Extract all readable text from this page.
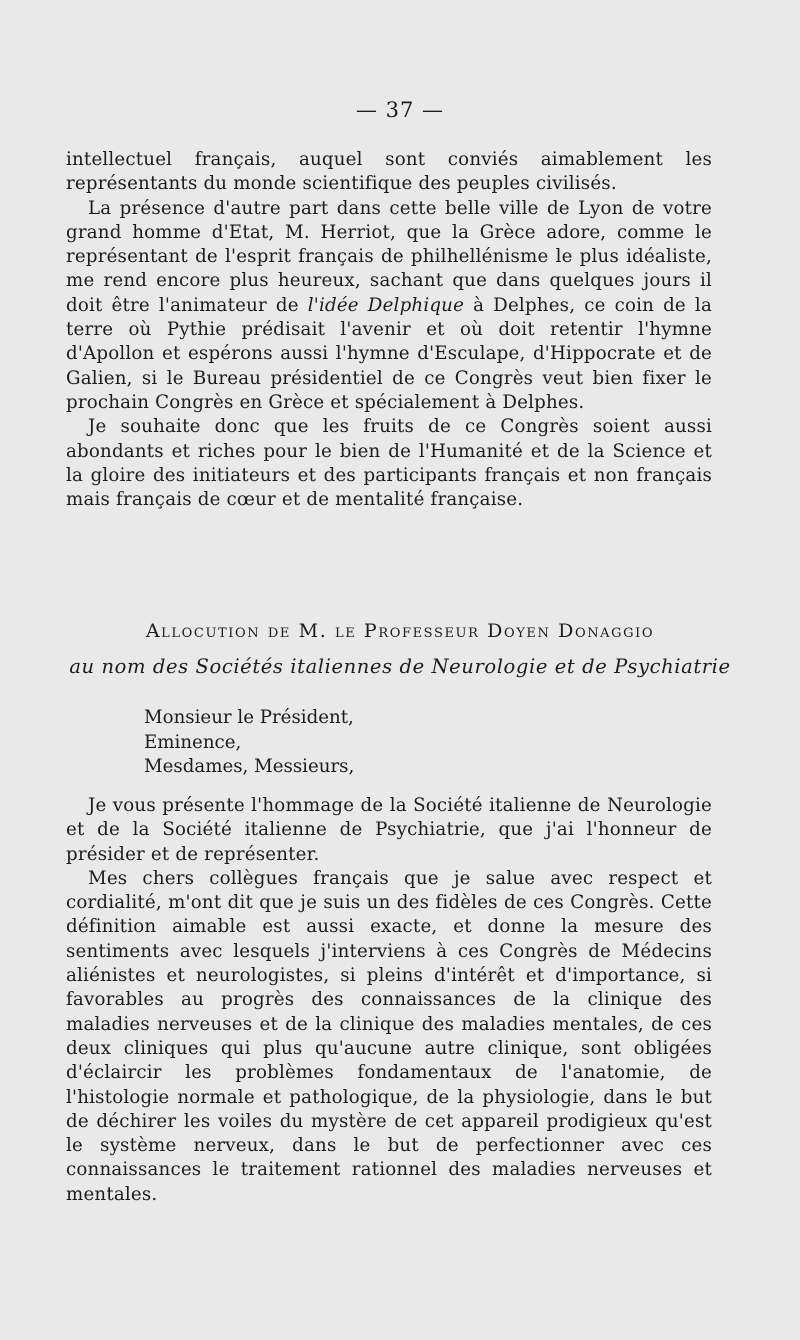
— 37 —

intellectuel français, auquel sont conviés aimablement les représentants du monde scientifique des peuples civilisés.

La présence d'autre part dans cette belle ville de Lyon de votre grand homme d'Etat, M. Herriot, que la Grèce adore, comme le représentant de l'esprit français de philhellénisme le plus idéaliste, me rend encore plus heureux, sachant que dans quelques jours il doit être l'animateur de l'idée Delphique à Delphes, ce coin de la terre où Pythie prédisait l'avenir et où doit retentir l'hymne d'Apollon et espérons aussi l'hymne d'Esculape, d'Hippocrate et de Galien, si le Bureau présidentiel de ce Congrès veut bien fixer le prochain Congrès en Grèce et spécialement à Delphes.

Je souhaite donc que les fruits de ce Congrès soient aussi abondants et riches pour le bien de l'Humanité et de la Science et la gloire des initiateurs et des participants français et non français mais français de cœur et de mentalité française.

Allocution de M. le Professeur Doyen Donaggio
au nom des Sociétés italiennes de Neurologie et de Psychiatrie
Monsieur le Président,
Eminence,
Mesdames, Messieurs,

Je vous présente l'hommage de la Société italienne de Neurologie et de la Société italienne de Psychiatrie, que j'ai l'honneur de présider et de représenter.

Mes chers collègues français que je salue avec respect et cordialité, m'ont dit que je suis un des fidèles de ces Congrès. Cette définition aimable est aussi exacte, et donne la mesure des sentiments avec lesquels j'interviens à ces Congrès de Médecins aliénistes et neurologistes, si pleins d'intérêt et d'importance, si favorables au progrès des connaissances de la clinique des maladies nerveuses et de la clinique des maladies mentales, de ces deux cliniques qui plus qu'aucune autre clinique, sont obligées d'éclaircir les problèmes fondamentaux de l'anatomie, de l'histologie normale et pathologique, de la physiologie, dans le but de déchirer les voiles du mystère de cet appareil prodigieux qu'est le système nerveux, dans le but de perfectionner avec ces connaissances le traitement rationnel des maladies nerveuses et mentales.
